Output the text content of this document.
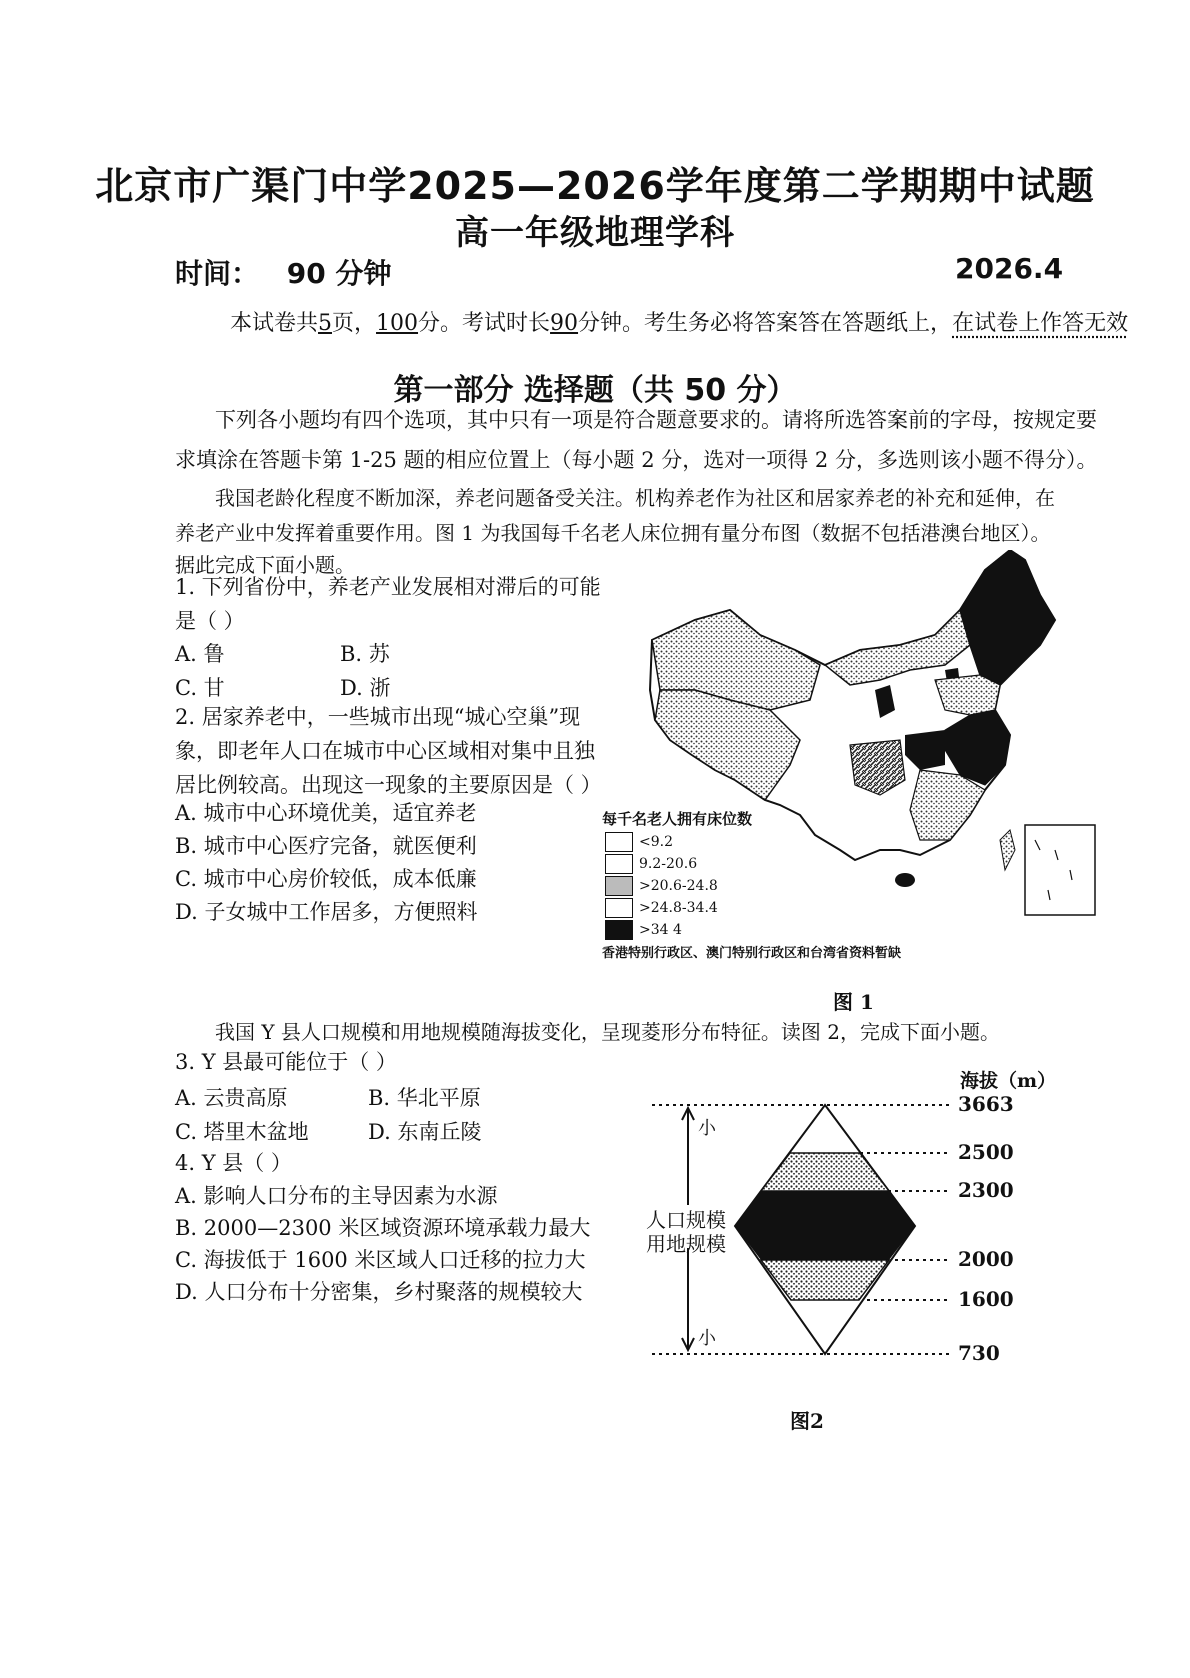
北京市广渠门中学2025—2026学年度第二学期期中试题
高一年级地理学科
时间： 90 分钟	2026.4
本试卷共5页，100分。考试时长90分钟。考生务必将答案答在答题纸上，在试卷上作答无效
第一部分 选择题（共 50 分）
下列各小题均有四个选项，其中只有一项是符合题意要求的。请将所选答案前的字母，按规定要
求填涂在答题卡第 1-25 题的相应位置上（每小题 2 分，选对一项得 2 分，多选则该小题不得分）。
我国老龄化程度不断加深，养老问题备受关注。机构养老作为社区和居家养老的补充和延伸，在
养老产业中发挥着重要作用。图 1 为我国每千名老人床位拥有量分布图（数据不包括港澳台地区）。
据此完成下面小题。
1. 下列省份中，养老产业发展相对滞后的可能
是（ ）
A. 鲁	B. 苏
C. 甘	D. 浙
2. 居家养老中，一些城市出现“城心空巢”现
象，即老年人口在城市中心区域相对集中且独
居比例较高。出现这一现象的主要原因是（ ）
A. 城市中心环境优美，适宜养老
B. 城市中心医疗完备，就医便利
C. 城市中心房价较低，成本低廉
D. 子女城中工作居多，方便照料
每千名老人拥有床位数
<9.2
9.2-20.6
>20.6-24.8
>24.8-34.4
>34 4
香港特别行政区、澳门特别行政区和台湾省资料暂缺
图 1
我国 Y 县人口规模和用地规模随海拔变化，呈现菱形分布特征。读图 2，完成下面小题。
3. Y 县最可能位于（ ）
A. 云贵高原	B. 华北平原
C. 塔里木盆地	D. 东南丘陵
4. Y 县（ ）
A. 影响人口分布的主导因素为水源
B. 2000—2300 米区域资源环境承载力最大
C. 海拔低于 1600 米区域人口迁移的拉力大
D. 人口分布十分密集，乡村聚落的规模较大
小
小
人口规模
用地规模
海拔（m）
3663
2500
2300
2000
1600
730
图2
